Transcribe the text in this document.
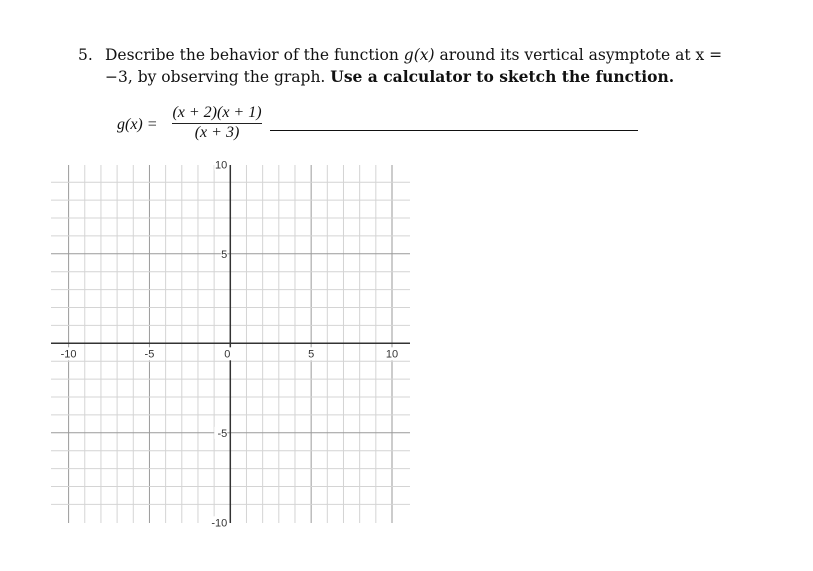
5. Describe the behavior of the function g(x) around its vertical asymptote at x =
−3, by observing the graph. Use a calculator to sketch the function.
$g(x) = \frac{(x + 2)(x + 1)}{(x + 3)}$
-10	-5	0	5	10
10
5
-5
-10
